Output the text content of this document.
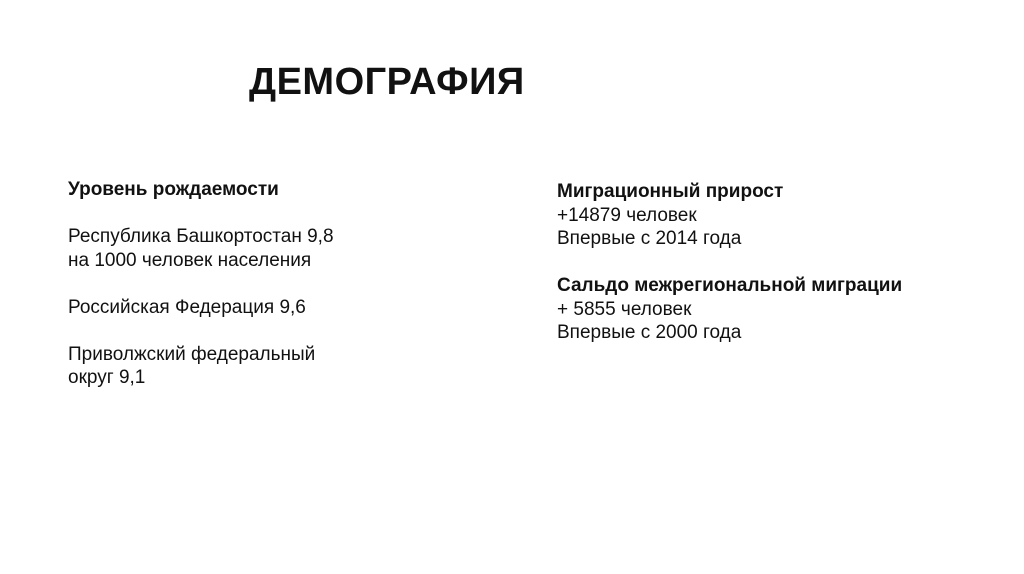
ДЕМОГРАФИЯ
Уровень рождаемости
Республика Башкортостан 9,8
на 1000 человек населения
Российская Федерация 9,6
Приволжский федеральный
округ 9,1
Миграционный прирост
+14879 человек
Впервые с 2014 года
Сальдо межрегиональной миграции
+ 5855 человек
Впервые с 2000 года
